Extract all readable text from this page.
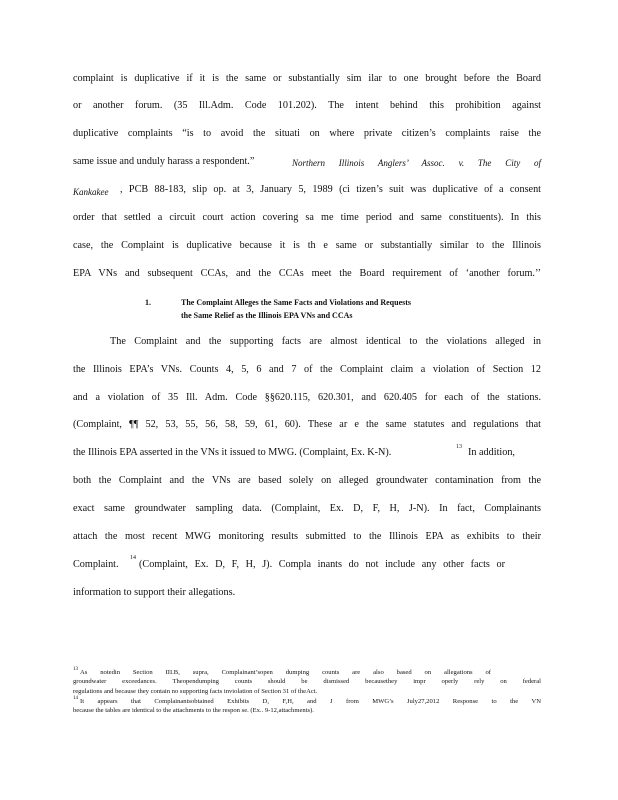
complaint is duplicative if it is the same or substantially sim ilar to one brought before the Board
or another forum. (35 Ill.Adm. Code 101.202). The intent behind this prohibition against
duplicative complaints “is to avoid the situati on where private citizen’s complaints raise the
same issue and unduly harass a respondent.”	Northern Illinois Anglers’ Assoc. v. The City of
Kankakee	, PCB 88-183, slip op. at 3, January 5, 1989 (ci tizen’s suit was duplicative of a consent
order that settled a circuit court action covering sa me time period and same constituents). In this
case, the Complaint is duplicative because it is th e same or substantially similar to the Illinois
EPA VNs and subsequent CCAs, and the CCAs meet the Board requirement of ‘another forum.’’
1.	The Complaint Alleges the Same Facts and Violations and Requests
the Same Relief as the Illinois EPA VNs and CCAs
The Complaint and the supporting facts are almost identical to the violations alleged in
the Illinois EPA’s VNs. Counts 4, 5, 6 and 7 of the Complaint claim a violation of Section 12
and a violation of 35 Ill. Adm. Code §§620.115, 620.301, and 620.405 for each of the stations.
(Complaint, ¶¶ 52, 53, 55, 56, 58, 59, 61, 60). These ar e the same statutes and regulations that
the Illinois EPA asserted in the VNs it issued to MWG. (Complaint, Ex. K-N).	13 In addition,
both the Complaint and the VNs are based solely on alleged groundwater contamination from the
exact same groundwater sampling data. (Complaint, Ex. D, F, H, J-N). In fact, Complainants
attach the most recent MWG monitoring results submitted to the Illinois EPA as exhibits to their
Complaint.
14
(Complaint, Ex. D, F, H, J). Compla inants do not include any other facts or
information to support their allegations.
13 As notedin Section III.B, supra, Complainant’sopen dumping counts are also based on allegations of
groundwater exceedances. Theopendumping counts should be dismissed becausethey impr operly rely on federal
regulations and because they contain no supporting facts inviolation of Section 31 of theAct.
14 It appears that Complainantsobtained Exhibits D, F,H, and J from MWG’s July27,2012 Response to the VN
because the tables are identical to the attachments to the respon se. (Ex.. 9-12,attachments).
